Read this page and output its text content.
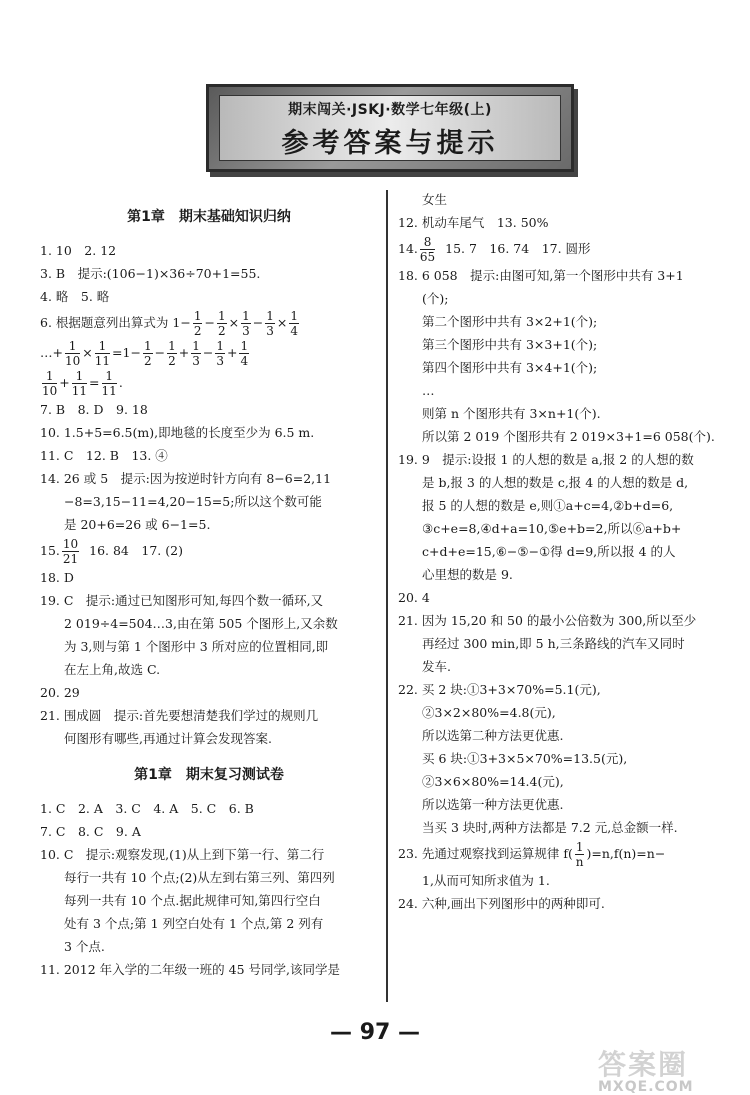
期末闯关·JSKJ·数学七年级(上)
参考答案与提示
第1章　期末基础知识归纳
1. 10　2. 12
3. B　提示:(106−1)×36÷70+1=55.
4. 略　5. 略
6. 根据题意列出算式为 $1- \frac{1}{2} - \frac{1}{2} \times \frac{1}{3} - \frac{1}{3} \times \frac{1}{4}$
…+ $\frac{1}{10} \times \frac{1}{11} =1- \frac{1}{2} - \frac{1}{2} + \frac{1}{3} - \frac{1}{3} + \frac{1}{4}$
$\frac{1}{10} + \frac{1}{11} = \frac{1}{11}$ .
7. B　8. D　9. 18
10. 1.5+5=6.5(m),即地毯的长度至少为 6.5 m.
11. C　12. B　13. ④
14. 26 或 5　提示:因为按逆时针方向有 8−6=2,11
−8=3,15−11=4,20−15=5;所以这个数可能
是 20+6=26 或 6−1=5.
15. $\frac{10}{21} 16$. 84　17. (2)
18. D
19. C　提示:通过已知图形可知,每四个数一循环,又
2 019÷4=504…3,由在第 505 个图形上,又余数
为 3,则与第 1 个图形中 3 所对应的位置相同,即
在左上角,故选 C.
20. 29
21. 围成圆　提示:首先要想清楚我们学过的规则几
何图形有哪些,再通过计算会发现答案.
第1章　期末复习测试卷
1. C　2. A　3. C　4. A　5. C　6. B
7. C　8. C　9. A
10. C　提示:观察发现,(1)从上到下第一行、第二行
每行一共有 10 个点;(2)从左到右第三列、第四列
每列一共有 10 个点.据此规律可知,第四行空白
处有 3 个点;第 1 列空白处有 1 个点,第 2 列有
3 个点.
11. 2012 年入学的二年级一班的 45 号同学,该同学是
女生
12. 机动车尾气　13. 50%
14. $\frac{8}{65} 15$. 7　16. 74　17. 圆形
18. 6 058　提示:由图可知,第一个图形中共有 3+1
(个);
第二个图形中共有 3×2+1(个);
第三个图形中共有 3×3+1(个);
第四个图形中共有 3×4+1(个);
…
则第 n 个图形共有 3×n+1(个).
所以第 2 019 个图形共有 2 019×3+1=6 058(个).
19. 9　提示:设报 1 的人想的数是 a,报 2 的人想的数
是 b,报 3 的人想的数是 c,报 4 的人想的数是 d,
报 5 的人想的数是 e,则①a+c=4,②b+d=6,
③c+e=8,④d+a=10,⑤e+b=2,所以⑥a+b+
c+d+e=15,⑥−⑤−①得 d=9,所以报 4 的人
心里想的数是 9.
20. 4
21. 因为 15,20 和 50 的最小公倍数为 300,所以至少
再经过 300 min,即 5 h,三条路线的汽车又同时
发车.
22. 买 2 块:①3+3×70%=5.1(元),
②3×2×80%=4.8(元),
所以选第二种方法更优惠.
买 6 块:①3+3×5×70%=13.5(元),
②3×6×80%=14.4(元),
所以选第一种方法更优惠.
当买 3 块时,两种方法都是 7.2 元,总金额一样.
23. 先通过观察找到运算规律 $f( \frac{1}{n} )=n,f(n)=n-$
1,从而可知所求值为 1.
24. 六种,画出下列图形中的两种即可.
— 97 —
答案圈
MXQE.COM
